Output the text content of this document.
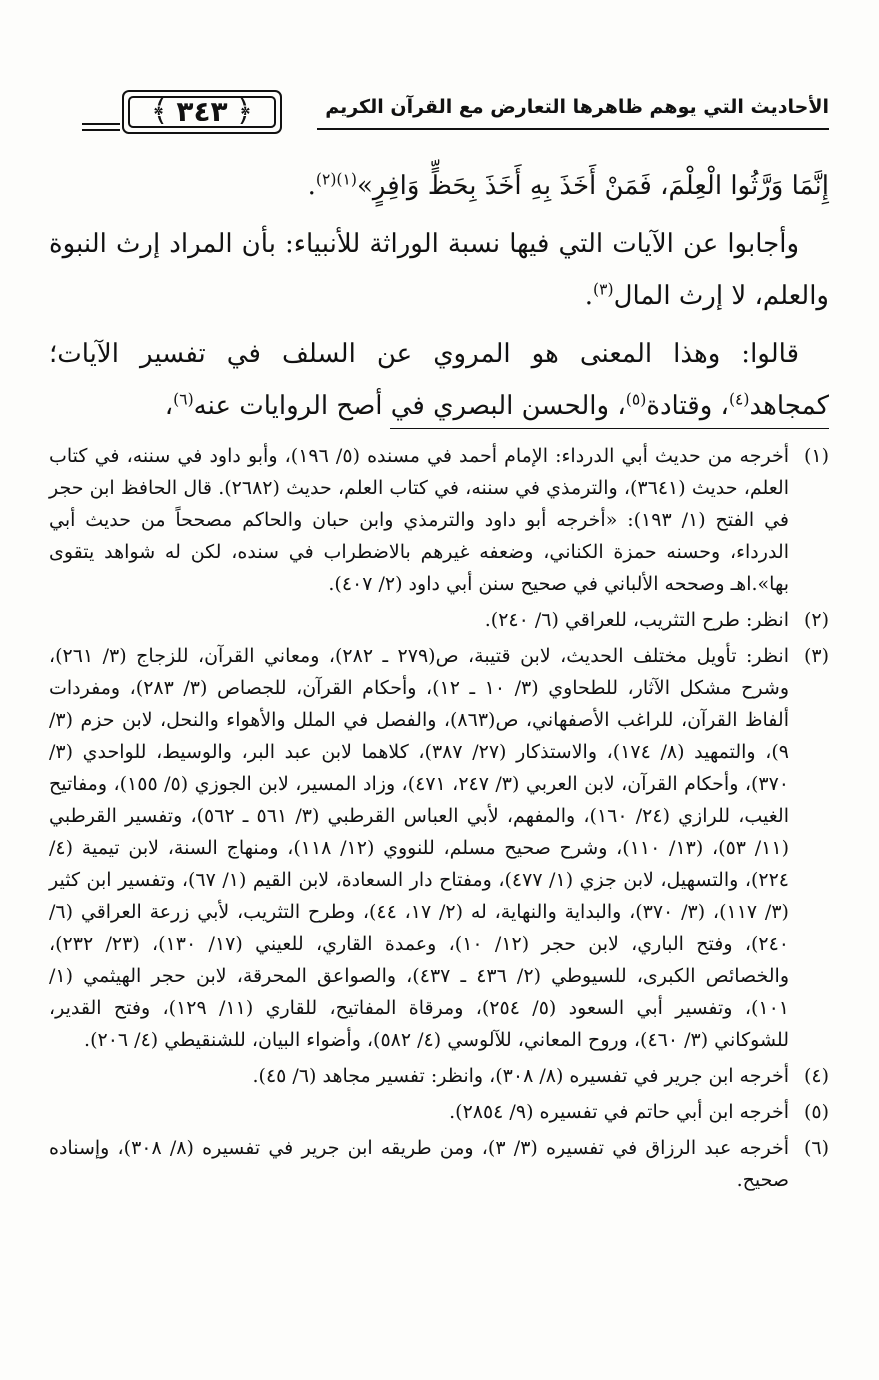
الأحاديث التي يوهم ظاهرها التعارض مع القرآن الكريم
﴿
٣٤٣
﴾

إِنَّمَا وَرَّثُوا الْعِلْمَ، فَمَنْ أَخَذَ بِهِ أَخَذَ بِحَظٍّ وَافِرٍ»$^{(١)(٢)}$.

وأجابوا عن الآيات التي فيها نسبة الوراثة للأنبياء: بأن المراد إرث النبوة والعلم، لا إرث المال$^{(٣)}$.

قالوا: وهذا المعنى هو المروي عن السلف في تفسير الآيات؛ كمجاهد$^{(٤)}$، وقتادة$^{(٥)}$، والحسن البصري في أصح الروايات عنه$^{(٦)}$،

(١)
أخرجه من حديث أبي الدرداء: الإمام أحمد في مسنده (٥/ ١٩٦)، وأبو داود في سننه، في كتاب العلم، حديث (٣٦٤١)، والترمذي في سننه، في كتاب العلم، حديث (٢٦٨٢). قال الحافظ ابن حجر في الفتح (١/ ١٩٣): «أخرجه أبو داود والترمذي وابن حبان والحاكم مصححاً من حديث أبي الدرداء، وحسنه حمزة الكناني، وضعفه غيرهم بالاضطراب في سنده، لكن له شواهد يتقوى بها».اهـ وصححه الألباني في صحيح سنن أبي داود (٢/ ٤٠٧).
(٢)
انظر: طرح التثريب، للعراقي (٦/ ٢٤٠).
(٣)
انظر: تأويل مختلف الحديث، لابن قتيبة، ص(٢٧٩ ـ ٢٨٢)، ومعاني القرآن، للزجاج (٣/ ٢٦١)، وشرح مشكل الآثار، للطحاوي (٣/ ١٠ ـ ١٢)، وأحكام القرآن، للجصاص (٣/ ٢٨٣)، ومفردات ألفاظ القرآن، للراغب الأصفهاني، ص(٨٦٣)، والفصل في الملل والأهواء والنحل، لابن حزم (٣/ ٩)، والتمهيد (٨/ ١٧٤)، والاستذكار (٢٧/ ٣٨٧)، كلاهما لابن عبد البر، والوسيط، للواحدي (٣/ ٣٧٠)، وأحكام القرآن، لابن العربي (٣/ ٢٤٧، ٤٧١)، وزاد المسير، لابن الجوزي (٥/ ١٥٥)، ومفاتيح الغيب، للرازي (٢٤/ ١٦٠)، والمفهم، لأبي العباس القرطبي (٣/ ٥٦١ ـ ٥٦٢)، وتفسير القرطبي (١١/ ٥٣)، (١٣/ ١١٠)، وشرح صحيح مسلم، للنووي (١٢/ ١١٨)، ومنهاج السنة، لابن تيمية (٤/ ٢٢٤)، والتسهيل، لابن جزي (١/ ٤٧٧)، ومفتاح دار السعادة، لابن القيم (١/ ٦٧)، وتفسير ابن كثير (٣/ ١١٧)، (٣/ ٣٧٠)، والبداية والنهاية، له (٢/ ١٧، ٤٤)، وطرح التثريب، لأبي زرعة العراقي (٦/ ٢٤٠)، وفتح الباري، لابن حجر (١٢/ ١٠)، وعمدة القاري، للعيني (١٧/ ١٣٠)، (٢٣/ ٢٣٢)، والخصائص الكبرى، للسيوطي (٢/ ٤٣٦ ـ ٤٣٧)، والصواعق المحرقة، لابن حجر الهيثمي (١/ ١٠١)، وتفسير أبي السعود (٥/ ٢٥٤)، ومرقاة المفاتيح، للقاري (١١/ ١٢٩)، وفتح القدير، للشوكاني (٣/ ٤٦٠)، وروح المعاني، للآلوسي (٤/ ٥٨٢)، وأضواء البيان، للشنقيطي (٤/ ٢٠٦).
(٤)
أخرجه ابن جرير في تفسيره (٨/ ٣٠٨)، وانظر: تفسير مجاهد (٦/ ٤٥).
(٥)
أخرجه ابن أبي حاتم في تفسيره (٩/ ٢٨٥٤).
(٦)
أخرجه عبد الرزاق في تفسيره (٣/ ٣)، ومن طريقه ابن جرير في تفسيره (٨/ ٣٠٨)، وإسناده صحيح.
